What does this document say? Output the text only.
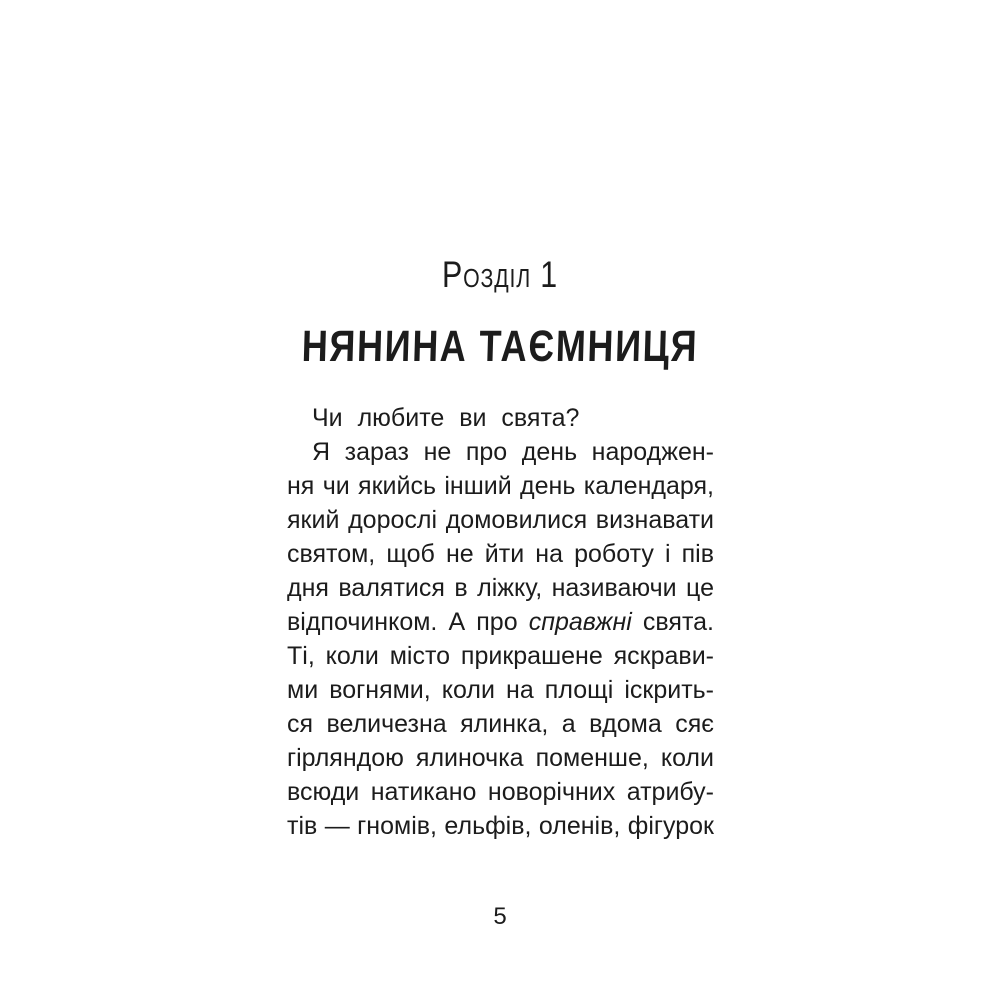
Розділ 1
НЯНИНА ТАЄМНИЦЯ
Чи любите ви свята?
Я зараз не про день народжен-
ня чи якийсь інший день календаря,
який дорослі домовилися визнавати
святом, щоб не йти на роботу і пів
дня валятися в ліжку, називаючи це
відпочинком. А про справжні свята.
Ті, коли місто прикрашене яскрави-
ми вогнями, коли на площі іскрить-
ся величезна ялинка, а вдома сяє
гірляндою ялиночка поменше, коли
всюди натикано новорічних атрибу-
тів — гномів, ельфів, оленів, фігурок
5
